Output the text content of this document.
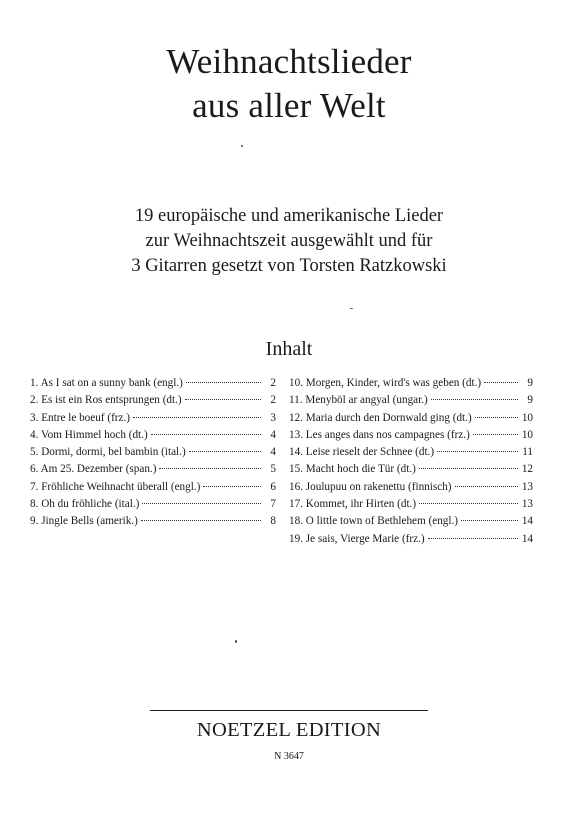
Weihnachtslieder
aus aller Welt
19 europäische und amerikanische Lieder
zur Weihnachtszeit ausgewählt und für
3 Gitarren gesetzt von Torsten Ratzkowski
Inhalt
1. As I sat on a sunny bank (engl.)	2
2. Es ist ein Ros entsprungen (dt.)	2
3. Entre le boeuf (frz.)	3
4. Vom Himmel hoch (dt.)	4
5. Dormi, dormi, bel bambin (ital.)	4
6. Am 25. Dezember (span.)	5
7. Fröhliche Weihnacht überall (engl.)	6
8. Oh du fröhliche (ital.)	7
9. Jingle Bells (amerik.)	8
10. Morgen, Kinder, wird's was geben (dt.)	9
11. Menyböl ar angyal (ungar.)	9
12. Maria durch den Dornwald ging (dt.)	10
13. Les anges dans nos campagnes (frz.)	10
14. Leise rieselt der Schnee (dt.)	11
15. Macht hoch die Tür (dt.)	12
16. Joulupuu on rakenettu (finnisch)	13
17. Kommet, ihr Hirten (dt.)	13
18. O little town of Bethlehem (engl.)	14
19. Je sais, Vierge Marie (frz.)	14
NOETZEL EDITION
N 3647
